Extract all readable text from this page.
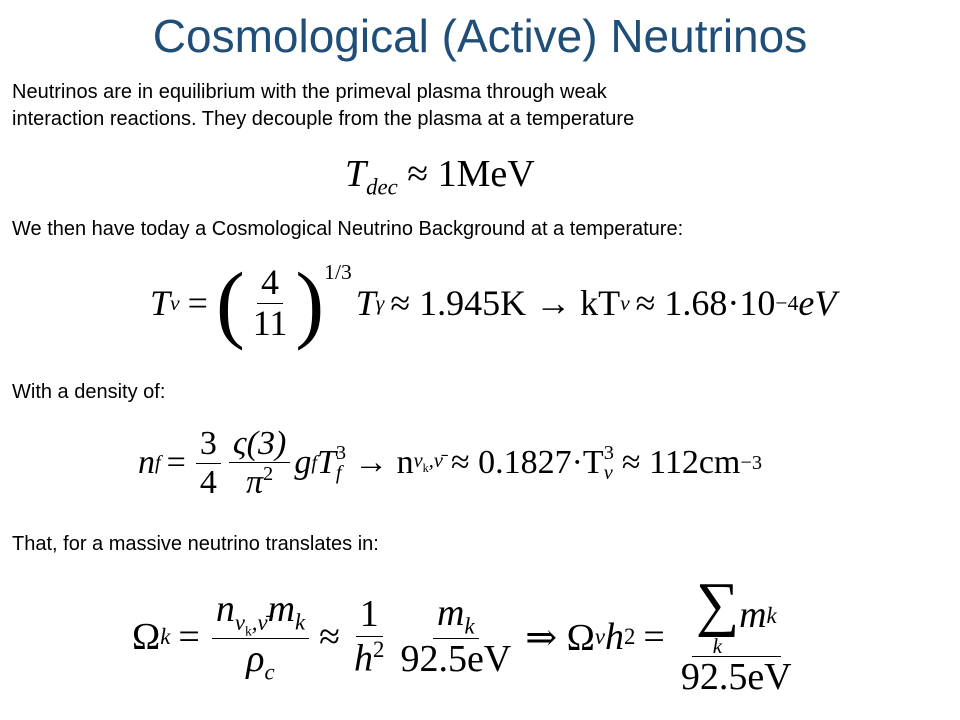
Cosmological (Active) Neutrinos
Neutrinos are in equilibrium with the primeval plasma through weak
interaction reactions. They decouple from the plasma at a temperature
$T_{dec} \approx 1MeV$
We then have today a Cosmological Neutrino Background at a temperature:
T ν = ( $\frac{4}{11} )^{1/3}$
T γ ≈ 1.945K → kT ν ≈ 1.68·10 −4 eV
With a density of:
n $f = \frac{3}{4} \frac{\varsigma(3)}{\pi^2}$ g f T 3
f → n $\nu_k,\nū \approx 0.1827\cdot T$ 3
ν ≈ 112cm −3
That, for a massive neutrino translates in:
Ω $k = \frac{n_{\nu_k,\nū}m_k}{\rho_c} \approx \frac{1}{h^2} \frac{m_k}{92.5eV}$ ⇒ Ω ν h 2 = ∑
k
m k
92.5eV
